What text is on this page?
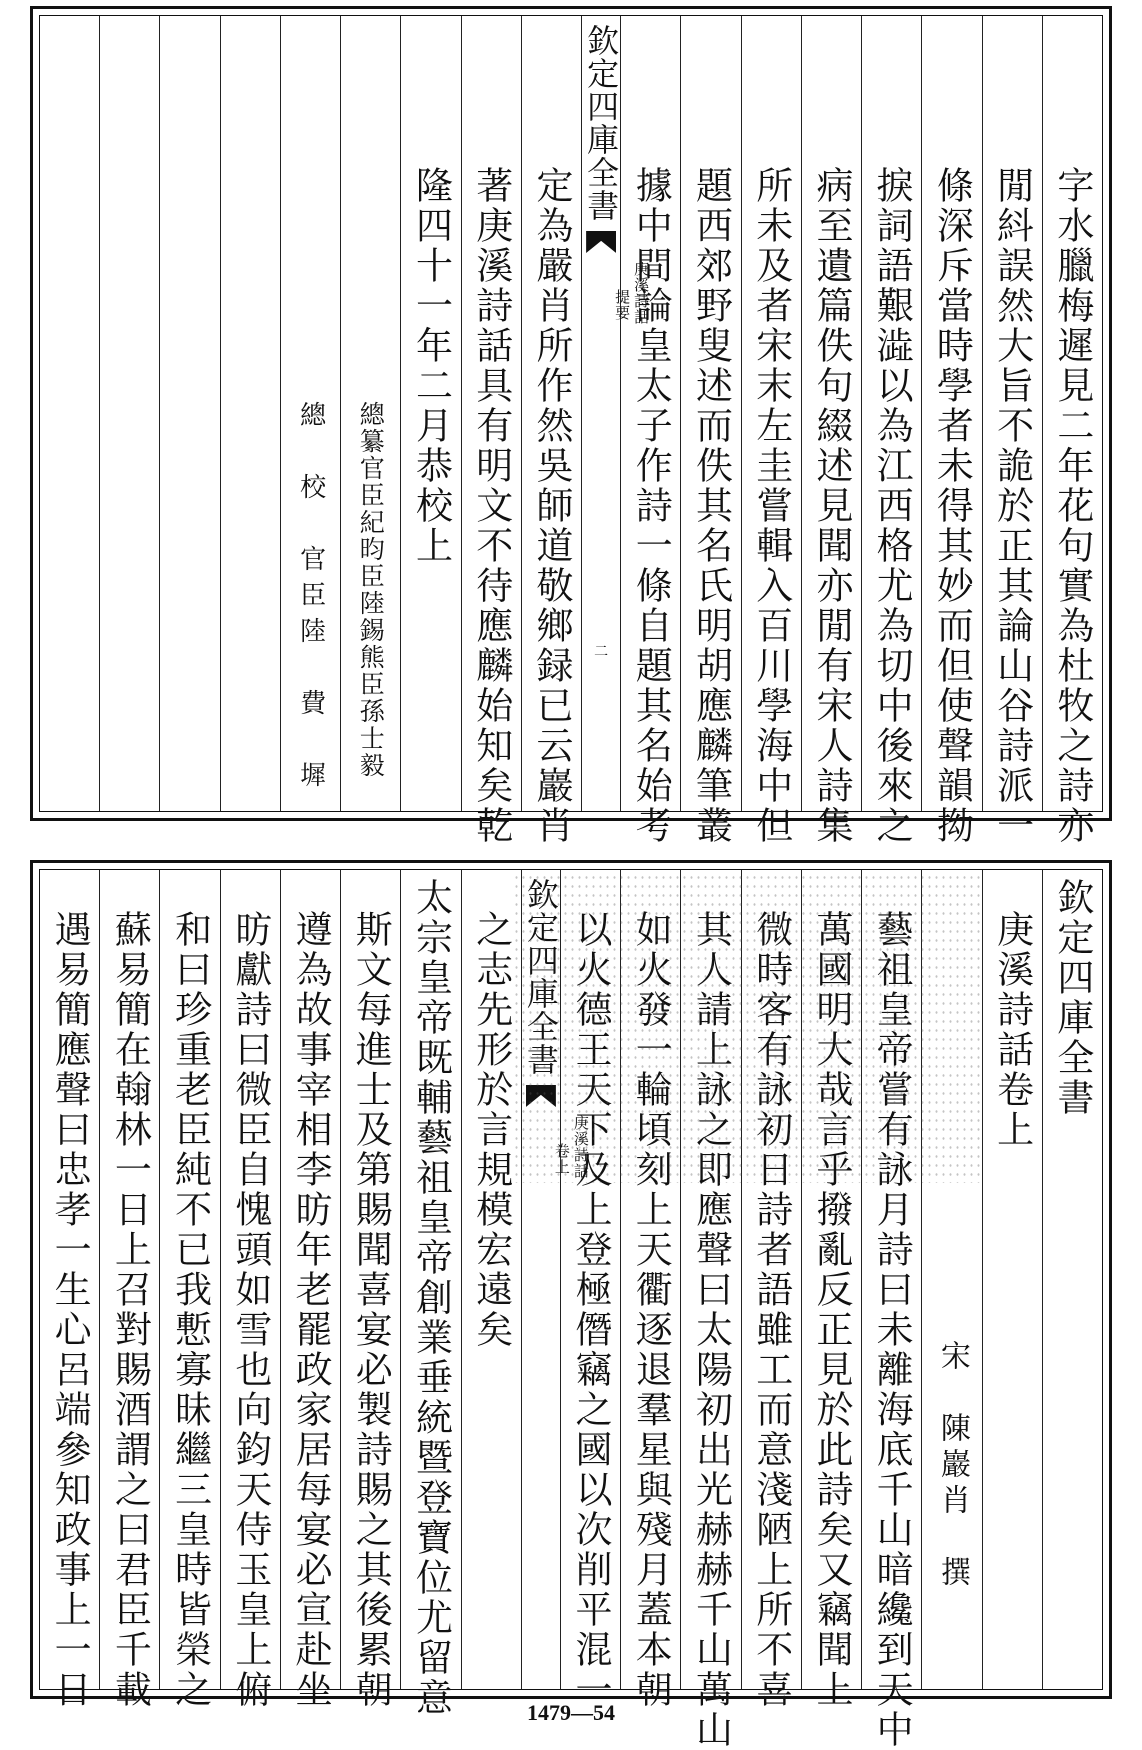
字水臘梅遲見二年花句實為杜牧之詩亦
閒紏誤然大旨不詭於正其論山谷詩派一
條深斥當時學者未得其妙而但使聲韻拗
捩詞語艱澁以為江西格尤為切中後來之
病至遺篇佚句綴述見聞亦閒有宋人詩集
所未及者宋末左圭嘗輯入百川學海中但
題西郊野叟述而佚其名氏明胡應麟筆叢
據中間論皇太子作詩一條自題其名始考
欽定四庫全書
庚溪詩話
提要
二
定為嚴肖所作然吳師道敬鄉録已云巖肖
著庚溪詩話具有明文不待應麟始知矣乾
隆四十一年二月恭校上
總纂官臣紀昀臣陸錫熊臣孫士毅
總　校　官臣陸　費　墀
欽定四庫全書
庚溪詩話卷上
宋　陳巖肖　撰
藝祖皇帝嘗有詠月詩曰未離海底千山暗纔到天中
萬國明大哉言乎撥亂反正見於此詩矣又竊聞上
微時客有詠初日詩者語雖工而意淺陋上所不喜
其人請上詠之即應聲曰太陽初出光赫赫千山萬山
如火發一輪頃刻上天衢逐退羣星與殘月蓋本朝
以火德王天下及上登極僭竊之國以次削平混一
欽定四庫全書
庚溪詩話
卷上
之志先形於言規模宏遠矣
太宗皇帝既輔藝祖皇帝創業垂統暨登寶位尤留意
斯文每進士及第賜聞喜宴必製詩賜之其後累朝
遵為故事宰相李昉年老罷政家居每宴必宣赴坐
昉獻詩曰微臣自愧頭如雪也向鈞天侍玉皇上俯
和曰珍重老臣純不已我慙寡昧繼三皇時皆榮之
蘇易簡在翰林一日上召對賜酒謂之曰君臣千載
遇易簡應聲曰忠孝一生心呂端參知政事上一日
1479—54
